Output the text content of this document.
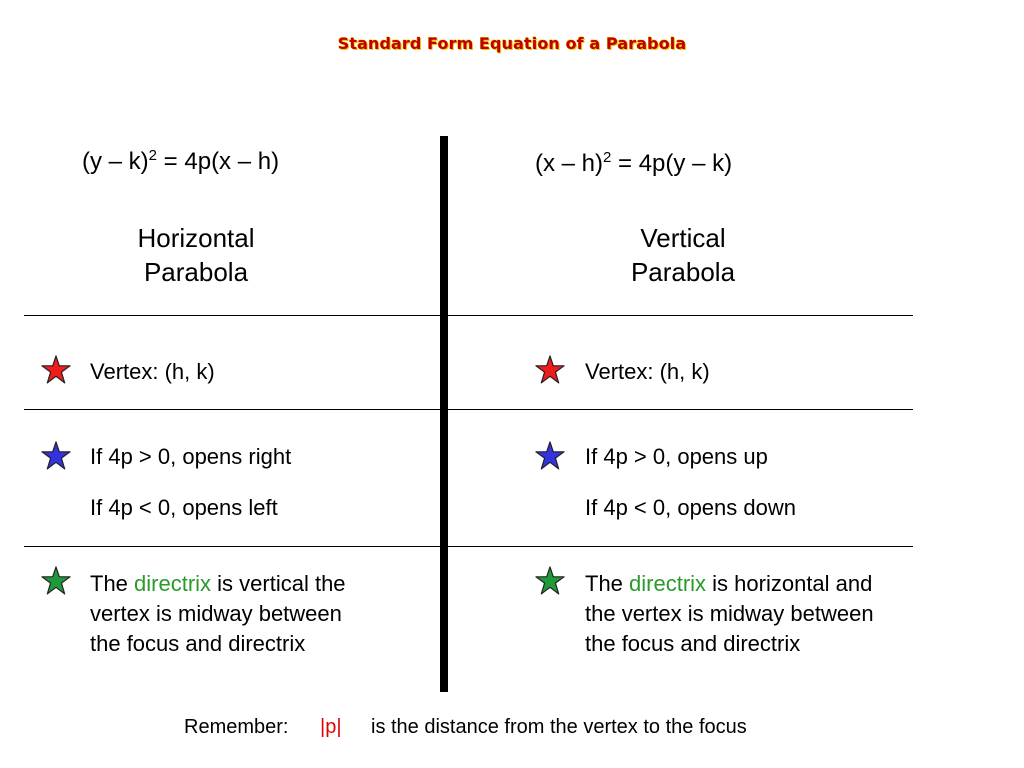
Standard Form Equation of a Parabola
(y – k)$^2$ = 4p(x – h)
Horizontal
Parabola
Vertex: (h, k)
If 4p > 0, opens right
If 4p < 0, opens left
The directrix is vertical the
vertex is midway between
the focus and directrix
(x – h)$^2$ = 4p(y – k)
Vertical
Parabola
Vertex: (h, k)
If 4p > 0, opens up
If 4p < 0, opens down
The directrix is horizontal and
the vertex is midway between
the focus and directrix
Remember: |p| is the distance from the vertex to the focus
